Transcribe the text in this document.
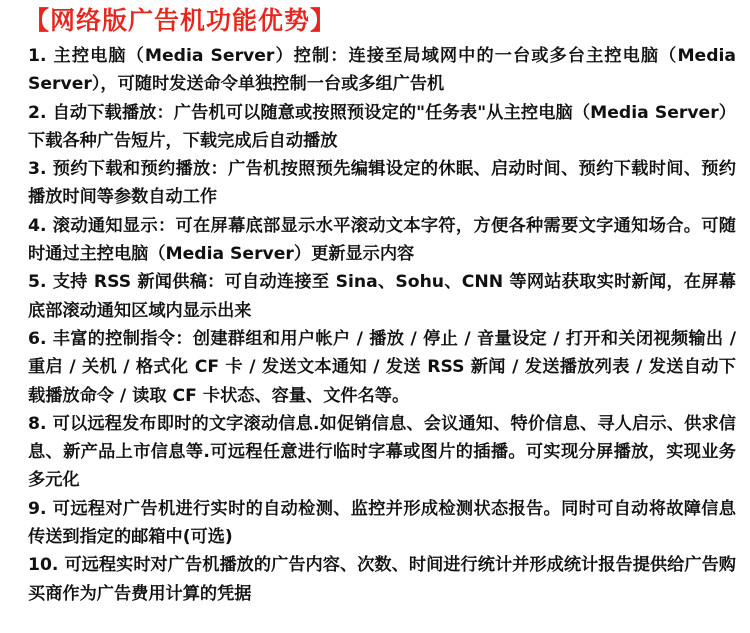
【网络版广告机功能优势】
1. 主控电脑（Media Server）控制：连接至局域网中的一台或多台主控电脑（Media Server），可随时发送命令单独控制一台或多组广告机
2. 自动下载播放：广告机可以随意或按照预设定的"任务表"从主控电脑（Media Server）下载各种广告短片，下载完成后自动播放
3. 预约下载和预约播放：广告机按照预先编辑设定的休眠、启动时间、预约下载时间、预约播放时间等参数自动工作
4. 滚动通知显示：可在屏幕底部显示水平滚动文本字符，方便各种需要文字通知场合。可随时通过主控电脑（Media Server）更新显示内容
5. 支持 RSS 新闻供稿：可自动连接至 Sina、Sohu、CNN 等网站获取实时新闻，在屏幕底部滚动通知区域内显示出来
6. 丰富的控制指令：创建群组和用户帐户 / 播放 / 停止 / 音量设定 / 打开和关闭视频输出 / 重启 / 关机 / 格式化 CF 卡 / 发送文本通知 / 发送 RSS 新闻 / 发送播放列表 / 发送自动下载播放命令 / 读取 CF 卡状态、容量、文件名等。
8. 可以远程发布即时的文字滚动信息.如促销信息、会议通知、特价信息、寻人启示、供求信息、新产品上市信息等.可远程任意进行临时字幕或图片的插播。可实现分屏播放，实现业务多元化
9. 可远程对广告机进行实时的自动检测、监控并形成检测状态报告。同时可自动将故障信息传送到指定的邮箱中(可选)
10. 可远程实时对广告机播放的广告内容、次数、时间进行统计并形成统计报告提供给广告购买商作为广告费用计算的凭据
